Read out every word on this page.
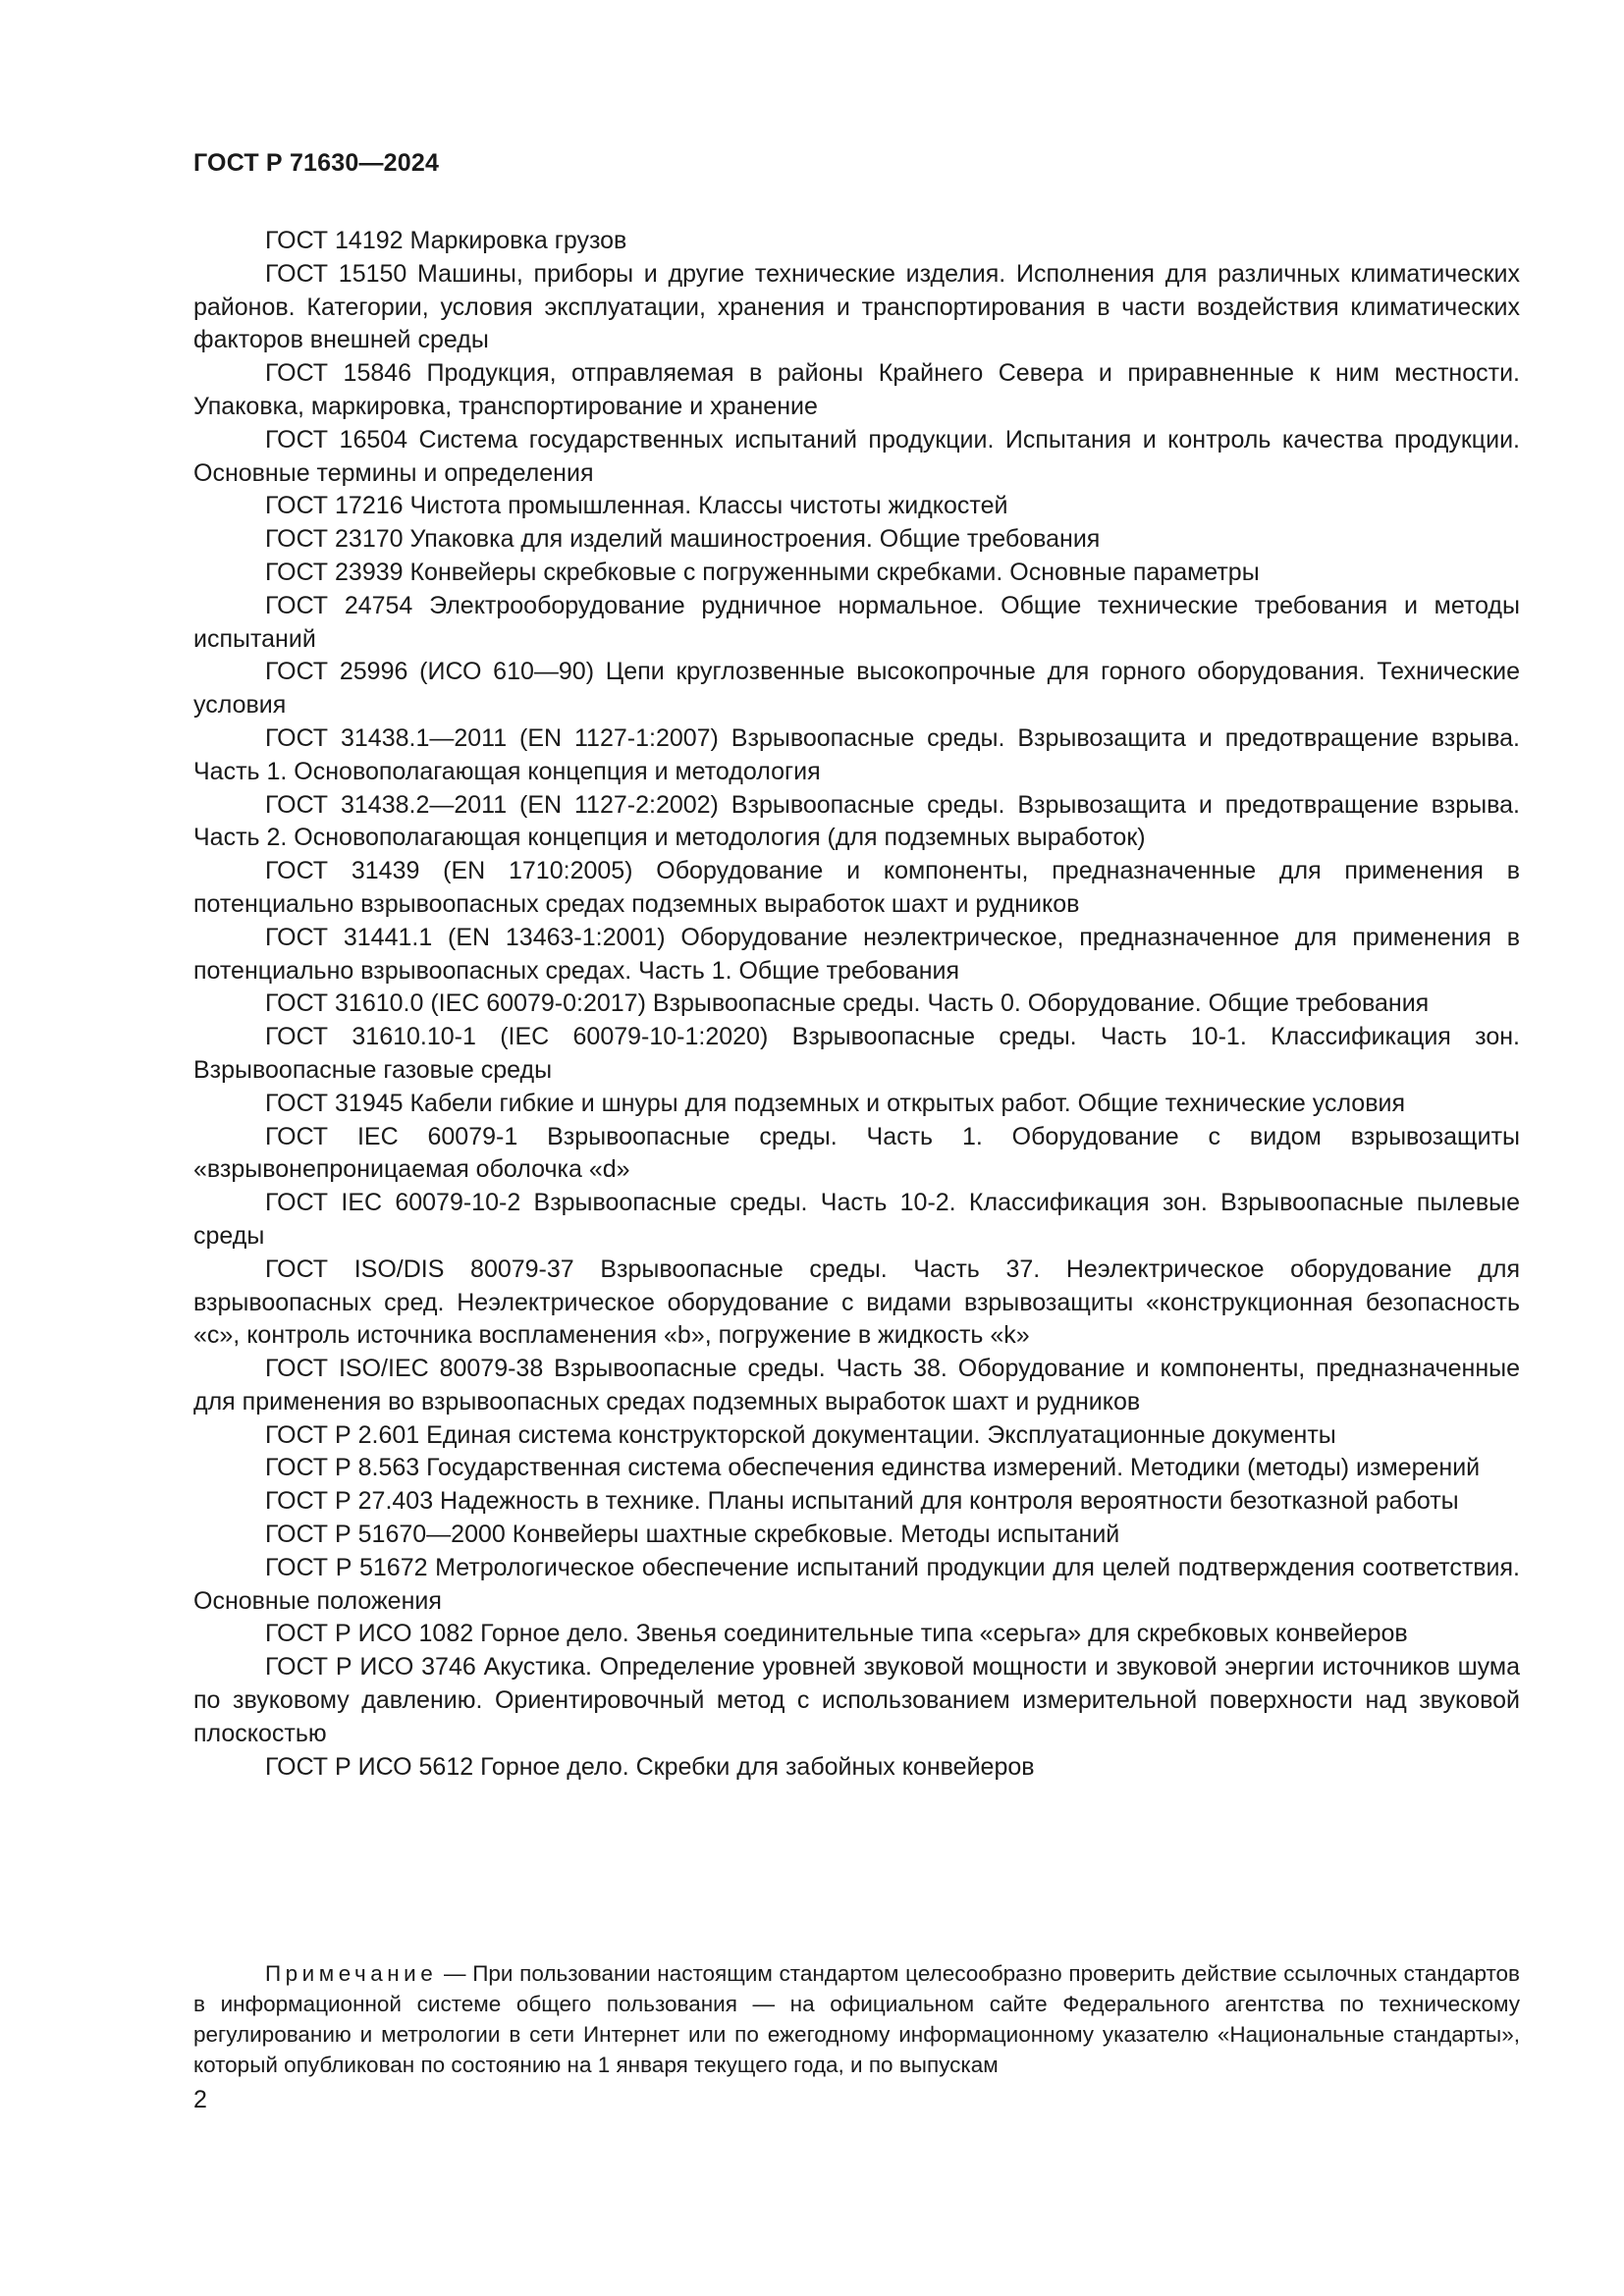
ГОСТ Р 71630—2024

ГОСТ 14192 Маркировка грузов

ГОСТ 15150 Машины, приборы и другие технические изделия. Исполнения для различных климатических районов. Категории, условия эксплуатации, хранения и транспортирования в части воздействия климатических факторов внешней среды

ГОСТ 15846 Продукция, отправляемая в районы Крайнего Севера и приравненные к ним местности. Упаковка, маркировка, транспортирование и хранение

ГОСТ 16504 Система государственных испытаний продукции. Испытания и контроль качества продукции. Основные термины и определения

ГОСТ 17216 Чистота промышленная. Классы чистоты жидкостей

ГОСТ 23170 Упаковка для изделий машиностроения. Общие требования

ГОСТ 23939 Конвейеры скребковые с погруженными скребками. Основные параметры

ГОСТ 24754 Электрооборудование рудничное нормальное. Общие технические требования и методы испытаний

ГОСТ 25996 (ИСО 610—90) Цепи круглозвенные высокопрочные для горного оборудования. Технические условия

ГОСТ 31438.1—2011 (EN 1127-1:2007) Взрывоопасные среды. Взрывозащита и предотвращение взрыва. Часть 1. Основополагающая концепция и методология

ГОСТ 31438.2—2011 (EN 1127-2:2002) Взрывоопасные среды. Взрывозащита и предотвращение взрыва. Часть 2. Основополагающая концепция и методология (для подземных выработок)

ГОСТ 31439 (EN 1710:2005) Оборудование и компоненты, предназначенные для применения в потенциально взрывоопасных средах подземных выработок шахт и рудников

ГОСТ 31441.1 (EN 13463-1:2001) Оборудование неэлектрическое, предназначенное для применения в потенциально взрывоопасных средах. Часть 1. Общие требования

ГОСТ 31610.0 (IEC 60079-0:2017) Взрывоопасные среды. Часть 0. Оборудование. Общие требования

ГОСТ 31610.10-1 (IEC 60079-10-1:2020) Взрывоопасные среды. Часть 10-1. Классификация зон. Взрывоопасные газовые среды

ГОСТ 31945 Кабели гибкие и шнуры для подземных и открытых работ. Общие технические условия

ГОСТ IEC 60079-1 Взрывоопасные среды. Часть 1. Оборудование с видом взрывозащиты «взрывонепроницаемая оболочка «d»

ГОСТ IEC 60079-10-2 Взрывоопасные среды. Часть 10-2. Классификация зон. Взрывоопасные пылевые среды

ГОСТ ISO/DIS 80079-37 Взрывоопасные среды. Часть 37. Неэлектрическое оборудование для взрывоопасных сред. Неэлектрическое оборудование с видами взрывозащиты «конструкционная безопасность «с», контроль источника воспламенения «b», погружение в жидкость «k»

ГОСТ ISO/IEC 80079-38 Взрывоопасные среды. Часть 38. Оборудование и компоненты, предназначенные для применения во взрывоопасных средах подземных выработок шахт и рудников

ГОСТ Р 2.601 Единая система конструкторской документации. Эксплуатационные документы

ГОСТ Р 8.563 Государственная система обеспечения единства измерений. Методики (методы) измерений

ГОСТ Р 27.403 Надежность в технике. Планы испытаний для контроля вероятности безотказной работы

ГОСТ Р 51670—2000 Конвейеры шахтные скребковые. Методы испытаний

ГОСТ Р 51672 Метрологическое обеспечение испытаний продукции для целей подтверждения соответствия. Основные положения

ГОСТ Р ИСО 1082 Горное дело. Звенья соединительные типа «серьга» для скребковых конвейеров

ГОСТ Р ИСО 3746 Акустика. Определение уровней звуковой мощности и звуковой энергии источников шума по звуковому давлению. Ориентировочный метод с использованием измерительной поверхности над звуковой плоскостью

ГОСТ Р ИСО 5612 Горное дело. Скребки для забойных конвейеров

Примечание — При пользовании настоящим стандартом целесообразно проверить действие ссылочных стандартов в информационной системе общего пользования — на официальном сайте Федерального агентства по техническому регулированию и метрологии в сети Интернет или по ежегодному информационному указателю «Национальные стандарты», который опубликован по состоянию на 1 января текущего года, и по выпускам

2
